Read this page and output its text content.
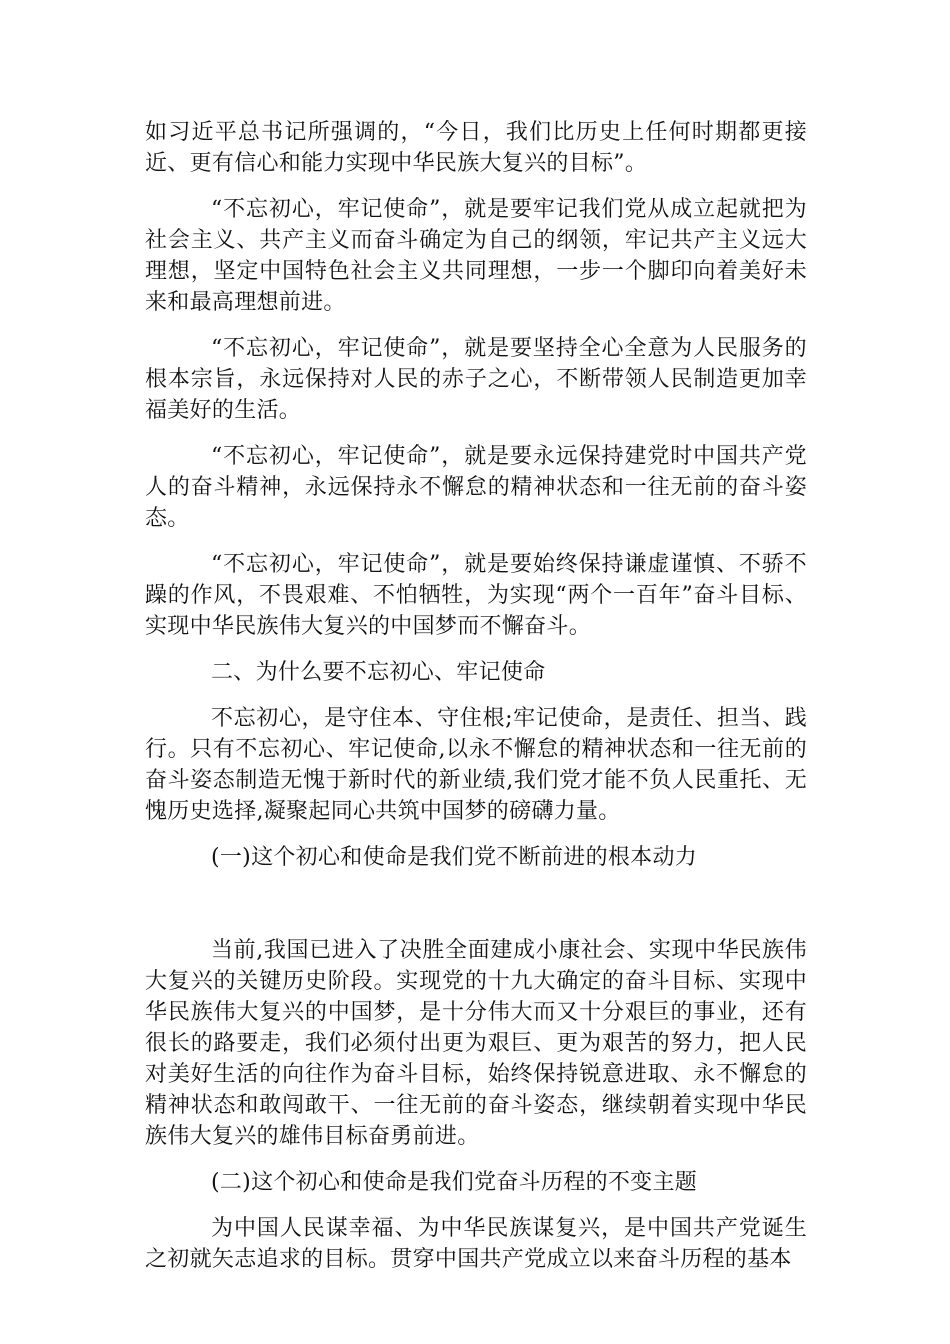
如习近平总书记所强调的，“今日，我们比历史上任何时期都更接近、更有信心和能力实现中华民族大复兴的目标”。

“不忘初心，牢记使命”，就是要牢记我们党从成立起就把为社会主义、共产主义而奋斗确定为自己的纲领，牢记共产主义远大理想，坚定中国特色社会主义共同理想，一步一个脚印向着美好未来和最高理想前进。

“不忘初心，牢记使命”，就是要坚持全心全意为人民服务的根本宗旨，永远保持对人民的赤子之心，不断带领人民制造更加幸福美好的生活。

“不忘初心，牢记使命”，就是要永远保持建党时中国共产党人的奋斗精神，永远保持永不懈怠的精神状态和一往无前的奋斗姿态。

“不忘初心，牢记使命”，就是要始终保持谦虚谨慎、不骄不躁的作风，不畏艰难、不怕牺牲，为实现“两个一百年”奋斗目标、实现中华民族伟大复兴的中国梦而不懈奋斗。

二、为什么要不忘初心、牢记使命

不忘初心，是守住本、守住根;牢记使命，是责任、担当、践行。只有不忘初心、牢记使命,以永不懈怠的精神状态和一往无前的奋斗姿态制造无愧于新时代的新业绩,我们党才能不负人民重托、无愧历史选择,凝聚起同心共筑中国梦的磅礴力量。

(一)这个初心和使命是我们党不断前进的根本动力

当前,我国已进入了决胜全面建成小康社会、实现中华民族伟大复兴的关键历史阶段。实现党的十九大确定的奋斗目标、实现中华民族伟大复兴的中国梦，是十分伟大而又十分艰巨的事业，还有很长的路要走，我们必须付出更为艰巨、更为艰苦的努力，把人民对美好生活的向往作为奋斗目标，始终保持锐意进取、永不懈怠的精神状态和敢闯敢干、一往无前的奋斗姿态，继续朝着实现中华民族伟大复兴的雄伟目标奋勇前进。

(二)这个初心和使命是我们党奋斗历程的不变主题

为中国人民谋幸福、为中华民族谋复兴，是中国共产党诞生之初就矢志追求的目标。贯穿中国共产党成立以来奋斗历程的基本
